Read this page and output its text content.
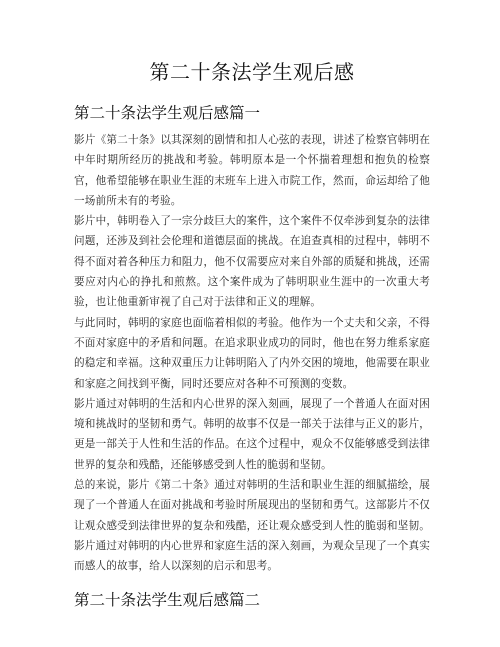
第二十条法学生观后感
第二十条法学生观后感篇一

影片《第二十条》以其深刻的剧情和扣人心弦的表现，讲述了检察官韩明在中年时期所经历的挑战和考验。韩明原本是一个怀揣着理想和抱负的检察官，他希望能够在职业生涯的末班车上进入市院工作，然而，命运却给了他一场前所未有的考验。

影片中，韩明卷入了一宗分歧巨大的案件，这个案件不仅牵涉到复杂的法律问题，还涉及到社会伦理和道德层面的挑战。在追查真相的过程中，韩明不得不面对着各种压力和阻力，他不仅需要应对来自外部的质疑和挑战，还需要应对内心的挣扎和煎熬。这个案件成为了韩明职业生涯中的一次重大考验，也让他重新审视了自己对于法律和正义的理解。

与此同时，韩明的家庭也面临着相似的考验。他作为一个丈夫和父亲，不得不面对家庭中的矛盾和问题。在追求职业成功的同时，他也在努力维系家庭的稳定和幸福。这种双重压力让韩明陷入了内外交困的境地，他需要在职业和家庭之间找到平衡，同时还要应对各种不可预测的变数。

影片通过对韩明的生活和内心世界的深入刻画，展现了一个普通人在面对困境和挑战时的坚韧和勇气。韩明的故事不仅是一部关于法律与正义的影片，更是一部关于人性和生活的作品。在这个过程中，观众不仅能够感受到法律世界的复杂和残酷，还能够感受到人性的脆弱和坚韧。

总的来说，影片《第二十条》通过对韩明的生活和职业生涯的细腻描绘，展现了一个普通人在面对挑战和考验时所展现出的坚韧和勇气。这部影片不仅让观众感受到法律世界的复杂和残酷，还让观众感受到人性的脆弱和坚韧。影片通过对韩明的内心世界和家庭生活的深入刻画，为观众呈现了一个真实而感人的故事，给人以深刻的启示和思考。

第二十条法学生观后感篇二
